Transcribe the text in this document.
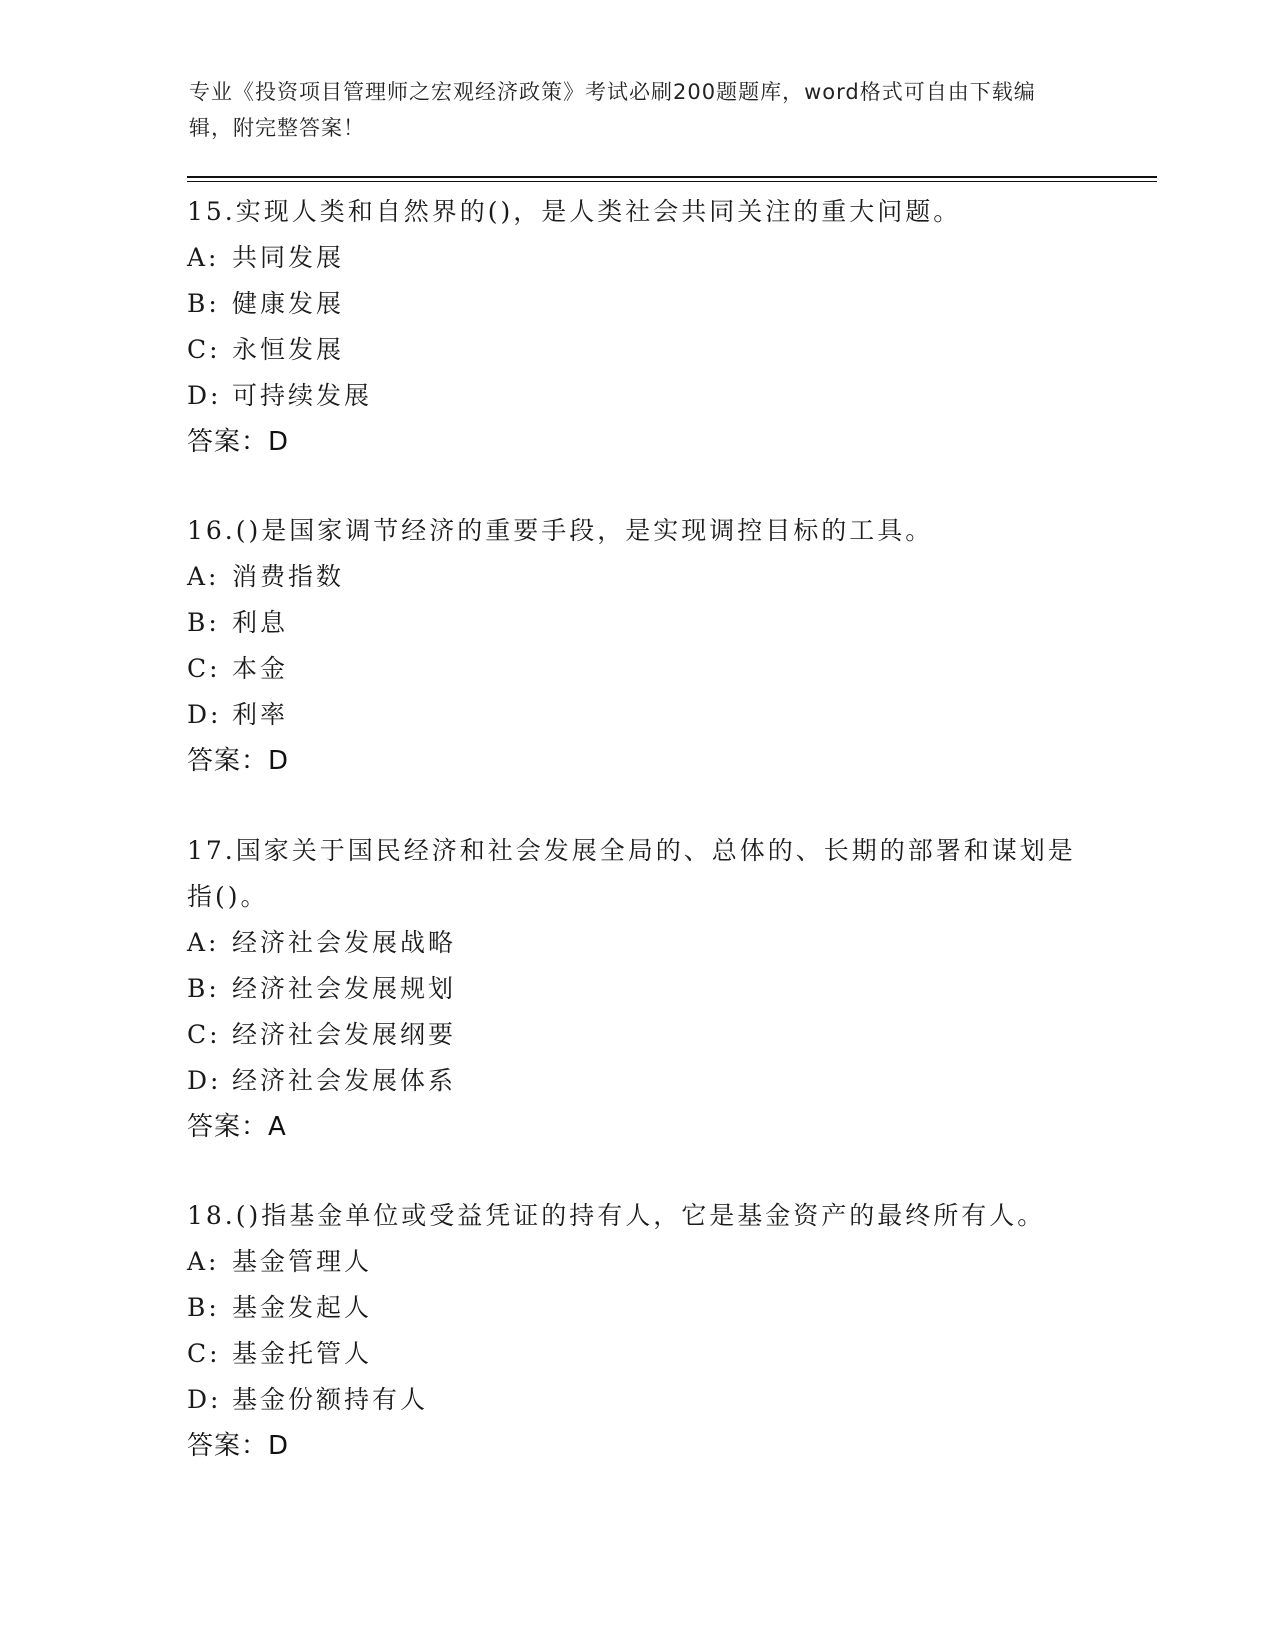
专业《投资项目管理师之宏观经济政策》考试必刷200题题库，word格式可自由下载编辑，附完整答案！
15.实现人类和自然界的()，是人类社会共同关注的重大问题。
A: 共同发展
B: 健康发展
C: 永恒发展
D: 可持续发展
答案：D
16.()是国家调节经济的重要手段，是实现调控目标的工具。
A: 消费指数
B: 利息
C: 本金
D: 利率
答案：D
17.国家关于国民经济和社会发展全局的、总体的、长期的部署和谋划是指()。
A: 经济社会发展战略
B: 经济社会发展规划
C: 经济社会发展纲要
D: 经济社会发展体系
答案：A
18.()指基金单位或受益凭证的持有人，它是基金资产的最终所有人。
A: 基金管理人
B: 基金发起人
C: 基金托管人
D: 基金份额持有人
答案：D
